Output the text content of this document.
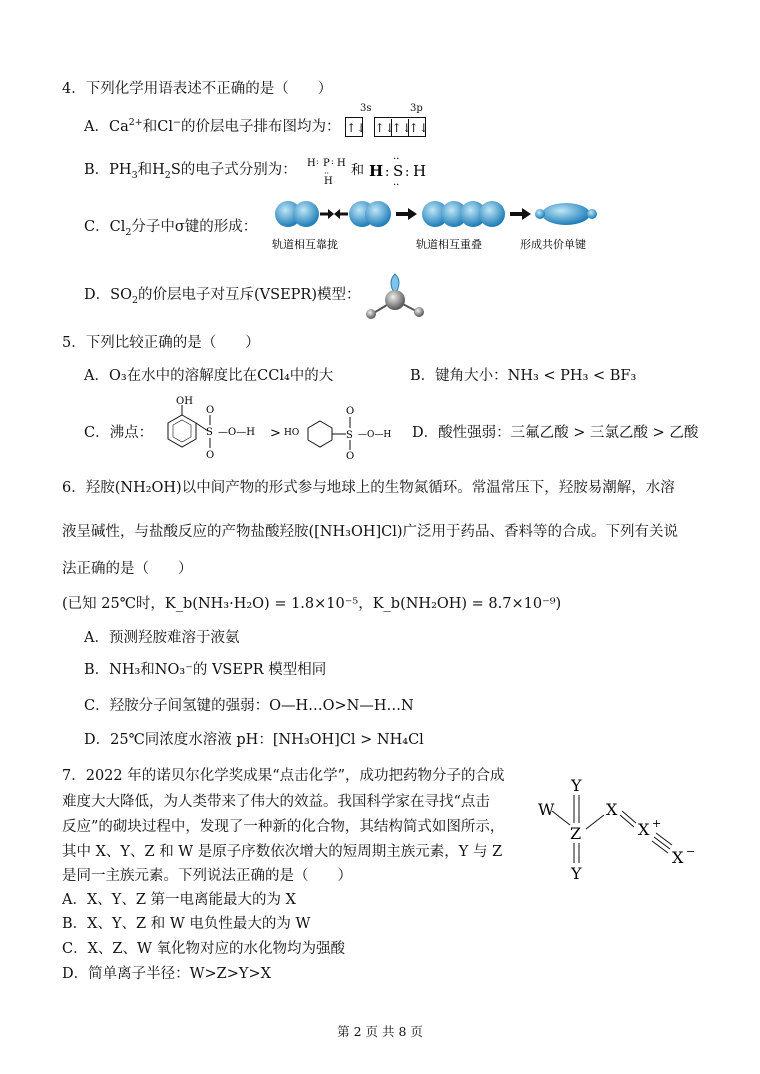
4．下列化学用语表述不正确的是（　　）
A．$Ca^{2+}$和Cl−的价层电子排布图均为： ↑↓ ↑↓↑↓↑↓
3s	3p
B．$PH_3$和$H_2S$的电子式分别为： H : P : H
··
H
和 H : S
··
··
: H
C．$Cl_2$分子中σ键的形成：
轨道相互靠拢	轨道相互重叠	形成共价单键
D．$SO_2$的价层电子对互斥(VSEPR)模型：
5．下列比较正确的是（　　）
A．O₃在水中的溶解度比在CCl₄中的大	B．键角大小：NH₃ < PH₃ < BF₃
C．沸点：
OH
S
O
O
—O—H > HO	S
O
O
—O—H D．酸性强弱：三氟乙酸 > 三氯乙酸 > 乙酸
6．羟胺(NH₂OH)以中间产物的形式参与地球上的生物氮循环。常温常压下，羟胺易潮解，水溶
液呈碱性，与盐酸反应的产物盐酸羟胺([NH₃OH]Cl)广泛用于药品、香料等的合成。下列有关说
法正确的是（　　）
(已知 25℃时，K_b(NH₃·H₂O) = 1.8×10⁻⁵，K_b(NH₂OH) = 8.7×10⁻⁹)
A．预测羟胺难溶于液氨
B．NH₃和NO₃⁻的 VSEPR 模型相同
C．羟胺分子间氢键的强弱：O—H…O>N—H…N
D．25℃同浓度水溶液 pH：[NH₃OH]Cl > NH₄Cl
7．2022 年的诺贝尔化学奖成果“点击化学”，成功把药物分子的合成
难度大大降低，为人类带来了伟大的效益。我国科学家在寻找“点击
反应”的砌块过程中，发现了一种新的化合物，其结构简式如图所示，
其中 X、Y、Z 和 W 是原子序数依次增大的短周期主族元素，Y 与 Z
是同一主族元素。下列说法正确的是（　　）
A．X、Y、Z 第一电离能最大的为 X
B．X、Y、Z 和 W 电负性最大的为 W
C．X、Z、W 氧化物对应的水化物均为强酸
D．简单离子半径：W>Z>Y>X
Y
W
Z
X
X +
X −
Y
第 2 页 共 8 页
